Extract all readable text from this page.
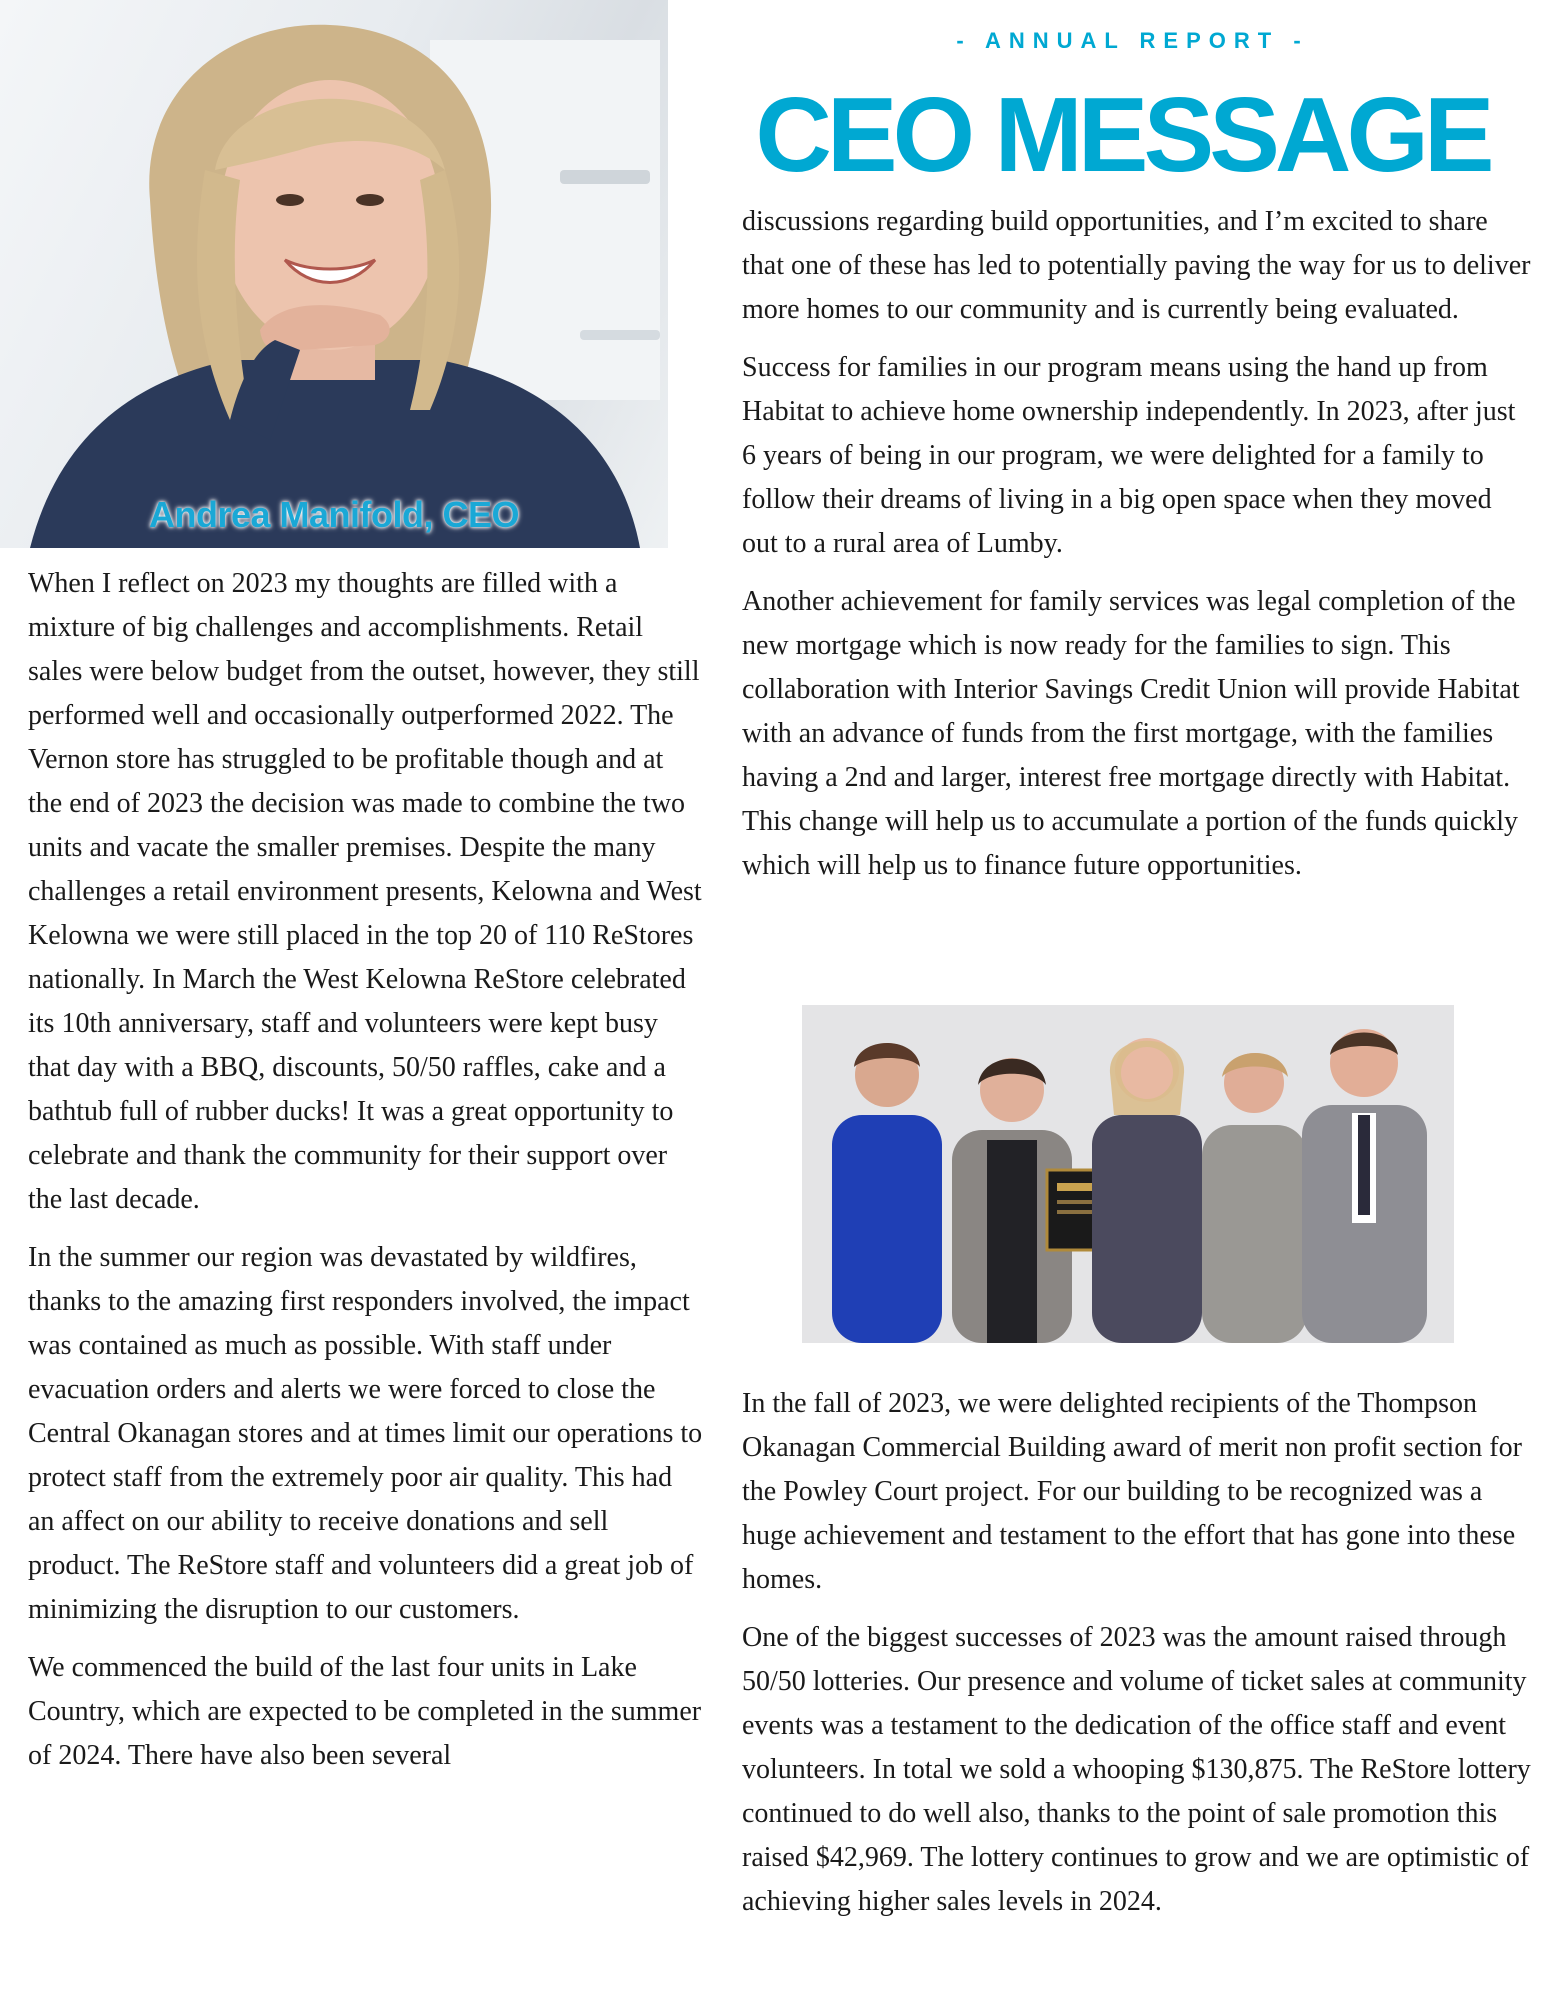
Andrea Manifold, CEO
- ANNUAL REPORT -
CEO MESSAGE

When I reflect on 2023 my thoughts are filled with a mixture of big challenges and accomplishments. Retail sales were below budget from the outset, however, they still performed well and occasionally outperformed 2022. The Vernon store has struggled to be profitable though and at the end of 2023 the decision was made to combine the two units and vacate the smaller premises. Despite the many challenges a retail environment presents, Kelowna and West Kelowna we were still placed in the top 20 of 110 ReStores nationally. In March the West Kelowna ReStore celebrated its 10th anniversary, staff and volunteers were kept busy that day with a BBQ, discounts, 50/50 raffles, cake and a bathtub full of rubber ducks! It was a great opportunity to celebrate and thank the community for their support over the last decade.

In the summer our region was devastated by wildfires, thanks to the amazing first responders involved, the impact was contained as much as possible. With staff under evacuation orders and alerts we were forced to close the Central Okanagan stores and at times limit our operations to protect staff from the extremely poor air quality. This had an affect on our ability to receive donations and sell product. The ReStore staff and volunteers did a great job of minimizing the disruption to our customers.

We commenced the build of the last four units in Lake Country, which are expected to be completed in the summer of 2024. There have also been several

discussions regarding build opportunities, and I’m excited to share that one of these has led to potentially paving the way for us to deliver more homes to our community and is currently being evaluated.

Success for families in our program means using the hand up from Habitat to achieve home ownership independently. In 2023, after just 6 years of being in our program, we were delighted for a family to follow their dreams of living in a big open space when they moved out to a rural area of Lumby.

Another achievement for family services was legal completion of the new mortgage which is now ready for the families to sign. This collaboration with Interior Savings Credit Union will provide Habitat with an advance of funds from the first mortgage, with the families having a 2nd and larger, interest free mortgage directly with Habitat. This change will help us to accumulate a portion of the funds quickly which will help us to finance future opportunities.

In the fall of 2023, we were delighted recipients of the Thompson Okanagan Commercial Building award of merit non profit section for the Powley Court project. For our building to be recognized was a huge achievement and testament to the effort that has gone into these homes.

One of the biggest successes of 2023 was the amount raised through 50/50 lotteries. Our presence and volume of ticket sales at community events was a testament to the dedication of the office staff and event volunteers. In total we sold a whooping $130,875. The ReStore lottery continued to do well also, thanks to the point of sale promotion this raised $42,969. The lottery continues to grow and we are optimistic of achieving higher sales levels in 2024.
